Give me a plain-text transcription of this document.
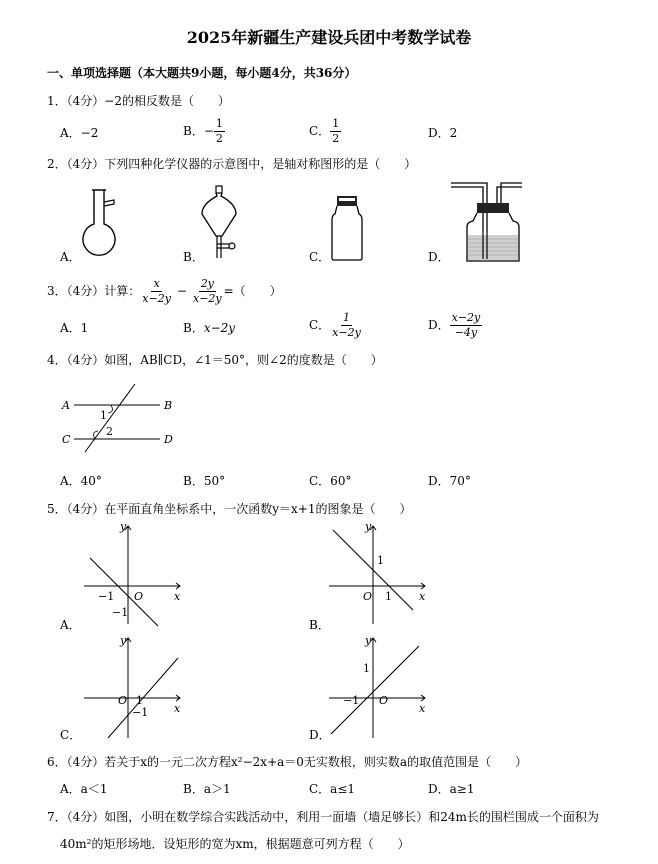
2025年新疆生产建设兵团中考数学试卷
一、单项选择题（本大题共9小题，每小题4分，共36分）
1．（4分）−2的相反数是（　　）
A．−2	B．− $\frac{1}{2}$	C． $\frac{1}{2}$	D．2
2．（4分）下列四种化学仪器的示意图中，是轴对称图形的是（　　）
A．	B．	C．	D．
3．（4分）计算： $\frac{x}{x-2y} - \frac{2y}{x-2y}$ =（　　）
A．1	B．x−2y	C． $\frac{1}{x-2y}$	D． $\frac{x-2y}{-4y}$
4．（4分）如图，AB∥CD，∠1＝50°，则∠2的度数是（　　）
A	B
C	D
1
2
A．40°	B．50°	C．60°	D．70°
5．（4分）在平面直角坐标系中，一次函数y＝x+1的图象是（　　）
y
x
O
−1
−1
A．
y
x
O 1
1
B．
y
x
O 1
−1
C．
y
x
O
−1
1
D．
6．（4分）若关于x的一元二次方程x²−2x+a＝0无实数根，则实数a的取值范围是（　　）
A．a＜1	B．a＞1	C．a≤1	D．a≥1
7．（4分）如图，小明在数学综合实践活动中，利用一面墙（墙足够长）和24m长的围栏围成一个面积为
40m²的矩形场地．设矩形的宽为xm，根据题意可列方程（　　）
